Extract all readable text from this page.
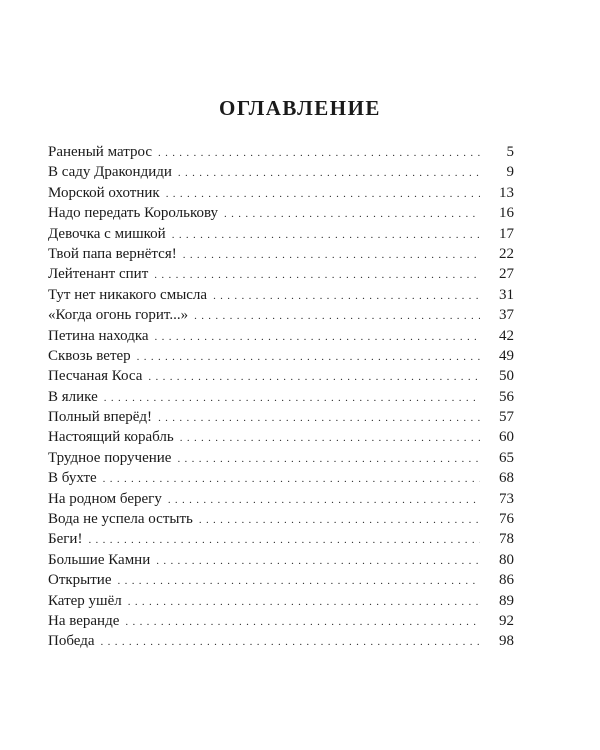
ОГЛАВЛЕНИЕ
Раненый матрос . . .	5
В саду Дракондиди . . .	9
Морской охотник . . .	13
Надо передать Королькову . . .	16
Девочка с мишкой . . .	17
Твой папа вернётся! . . .	22
Лейтенант спит . . .	27
Тут нет никакого смысла . . .	31
«Когда огонь горит...» . . .	37
Петина находка . . .	42
Сквозь ветер . . .	49
Песчаная Коса . . .	50
В ялике . . .	56
Полный вперёд! . . .	57
Настоящий корабль . . .	60
Трудное поручение . . .	65
В бухте . . .	68
На родном берегу . . .	73
Вода не успела остыть . . .	76
Беги! . . .	78
Большие Камни . . .	80
Открытие . . .	86
Катер ушёл . . .	89
На веранде . . .	92
Победа . . .	98
